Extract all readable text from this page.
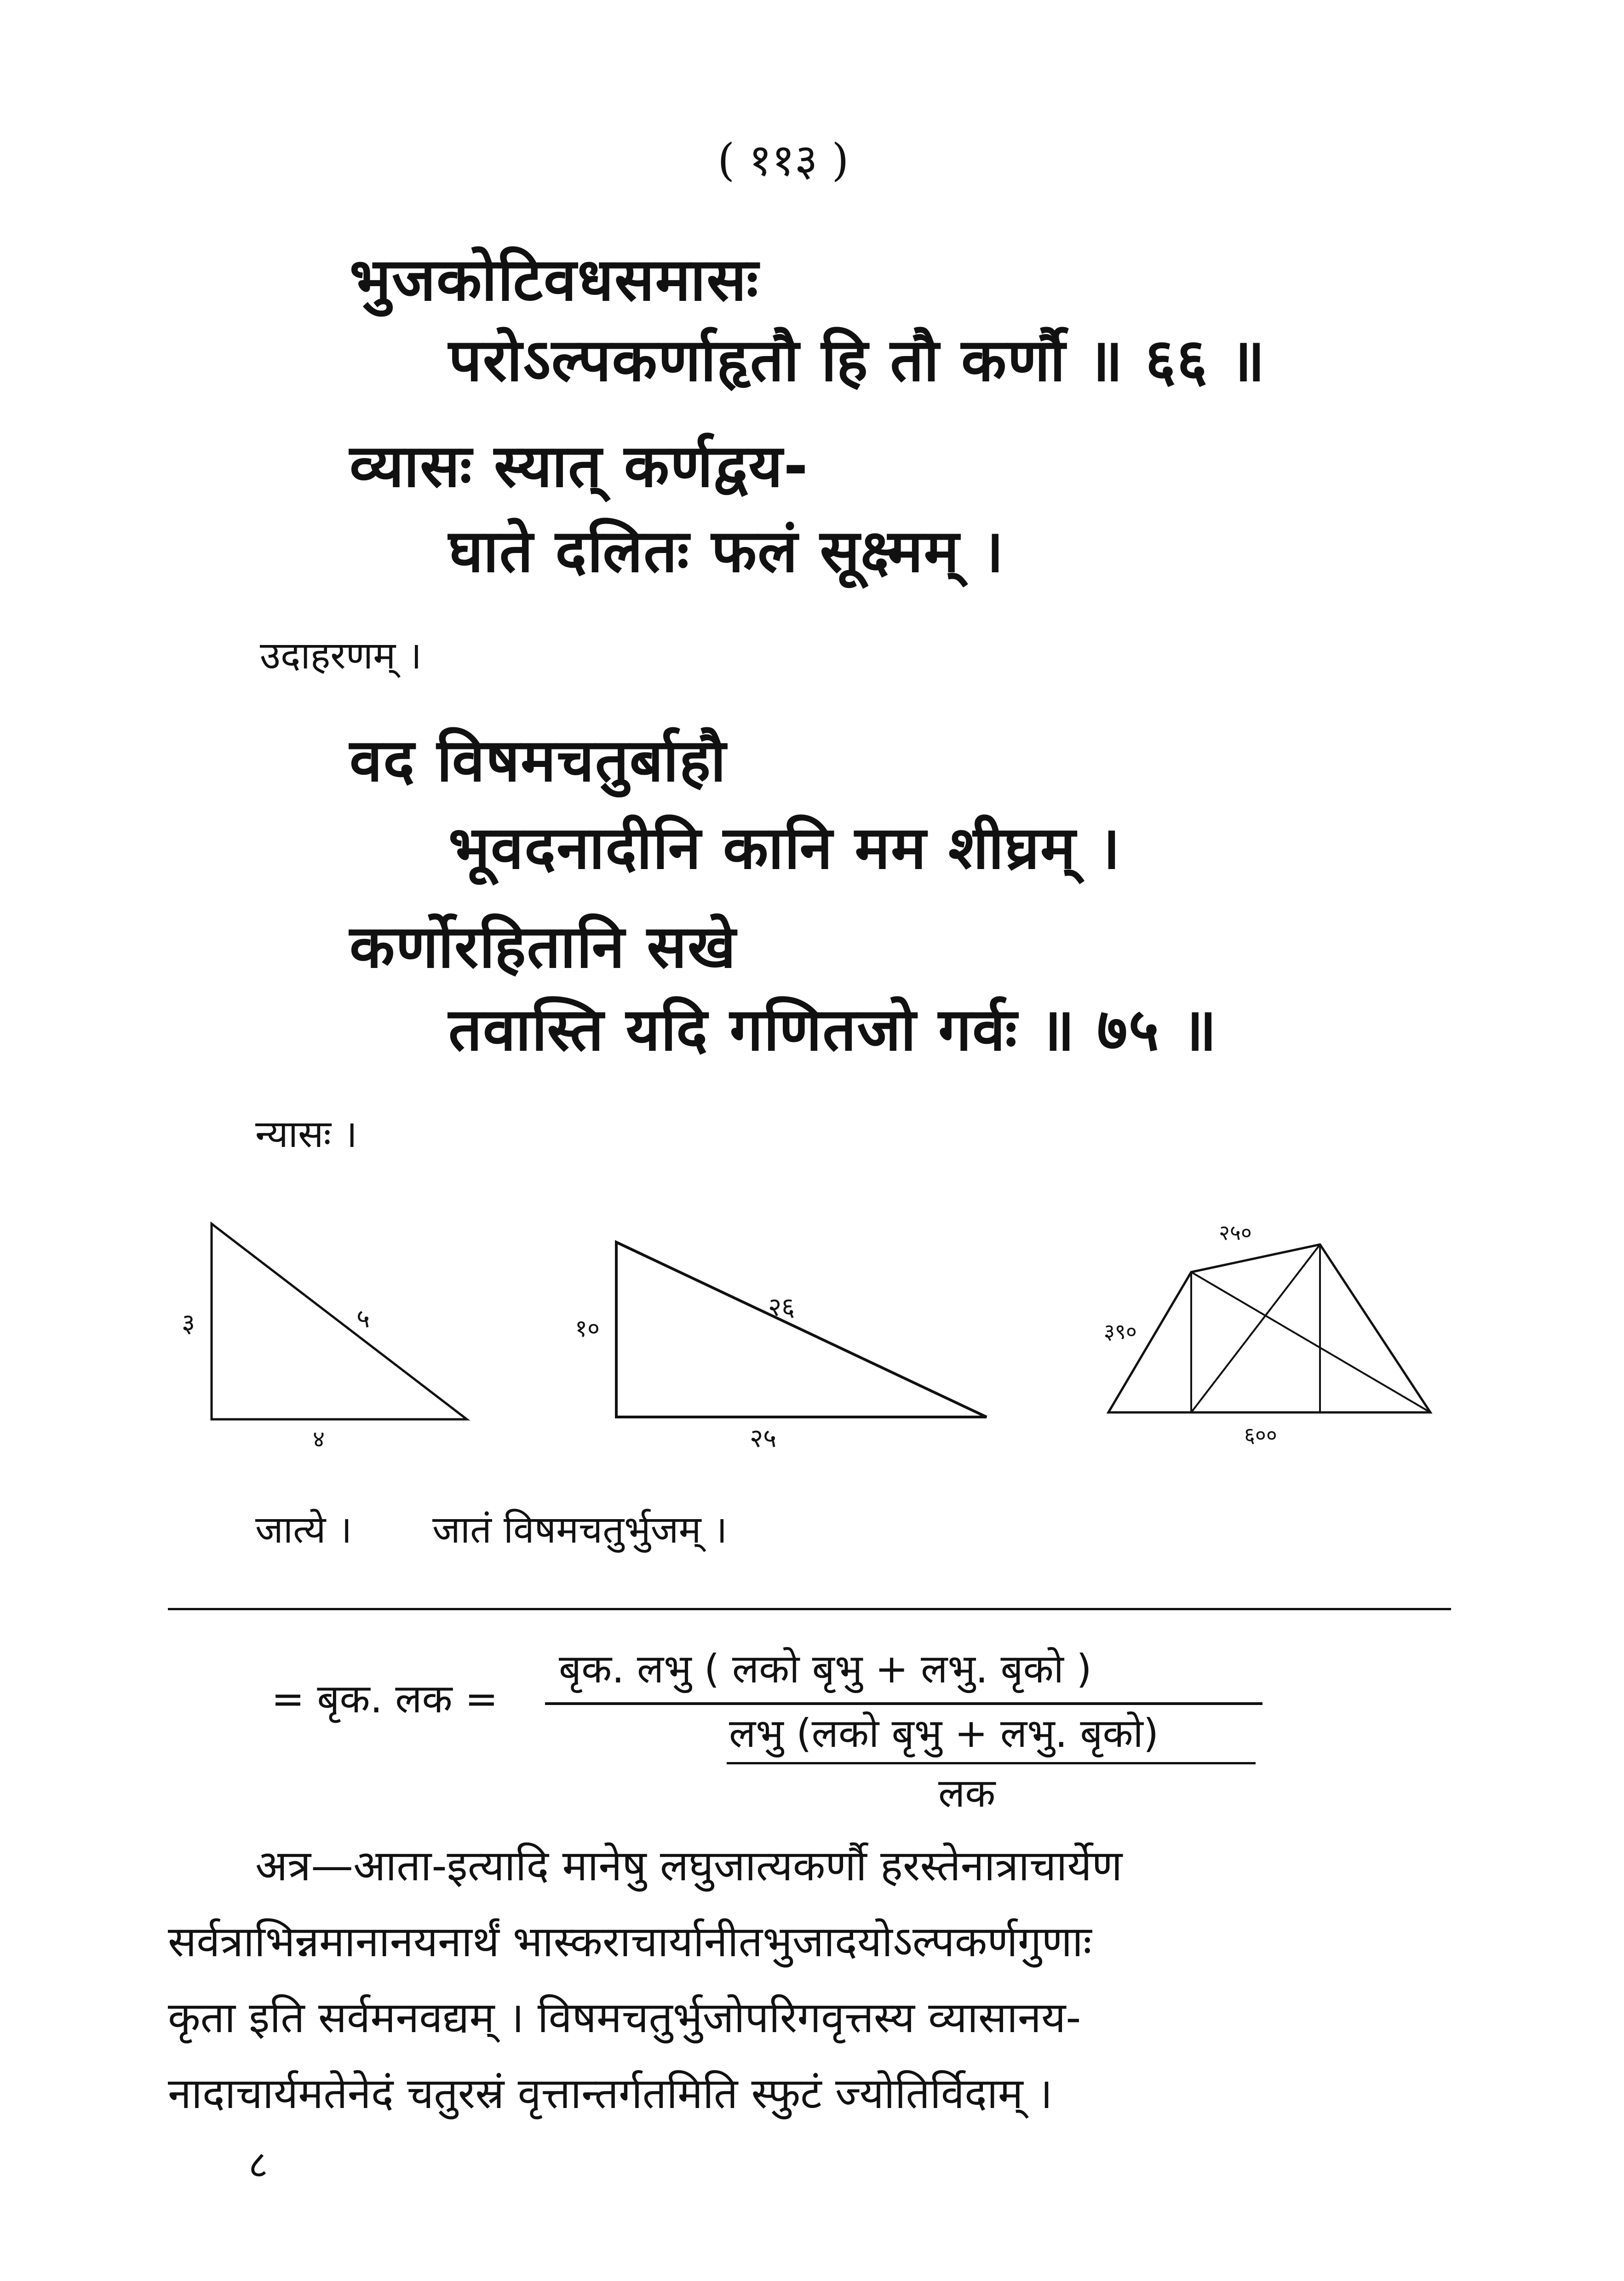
( ११३ )
भुजकोटिवधसमासः
परोऽल्पकर्णाहृतौ हि तौ कर्णौ ॥ ६६ ॥
व्यासः स्यात् कर्णद्वय-
घाते दलितः फलं सूक्ष्मम् ।
उदाहरणम् ।
वद विषमचतुर्बाहौ
भूवदनादीनि कानि मम शीघ्रम् ।
कर्णोरहितानि सखे
तवास्ति यदि गणितजो गर्वः ॥ ७५ ॥
न्यासः ।
३	५
४
१०
२६
२५
२५०
३९०
६००
जात्ये । जातं विषमचतुर्भुजम् ।
= बृक. लक =
बृक. लभु ( लको बृभु + लभु. बृको )
लभु (लको बृभु + लभु. बृको)
लक
अत्र—आता-इत्यादि मानेषु लघुजात्यकर्णौ हरस्तेनात्राचार्येण
सर्वत्राभिन्नमानानयनार्थं भास्कराचार्यानीतभुजादयोऽल्पकर्णगुणाः
कृता इति सर्वमनवद्यम् । विषमचतुर्भुजोपरिगवृत्तस्य व्यासानय-
नादाचार्यमतेनेदं चतुरस्रं वृत्तान्तर्गतमिति स्फुटं ज्योतिर्विदाम् ।
८
